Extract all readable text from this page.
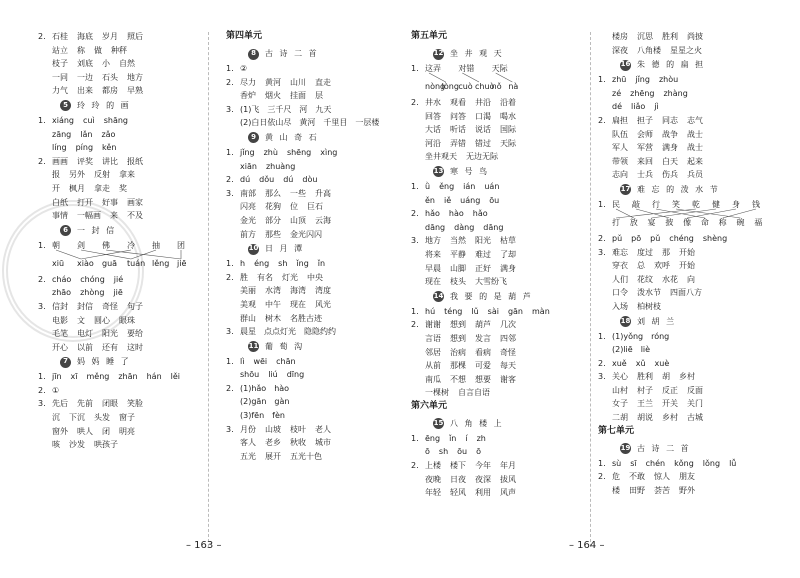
2. 石桂 海底 岁月 照后
站立 称 做 种秤
枝子 刘底 小 自然
一同 一边 石头 地方
力气 出来 都房 早熟
5	玲 玲 的 画
1. xiáng cuì shāng
zāng lǎn zǎo
líng píng kěn
2. 画画 评奖 讲比 报纸
报 另外 反射 拿来
开 枫月 拿走 奖
白纸 打开 好事 画家
事情 一幅画 来 不及
6	一 封 信
1. 朝 剑 佛 冷 抽 团
xiū xiào guā tuán lěng jiē
2. cháo chóng jié
zhāo zhòng jiē
3. 信封 封信 奇怪 句子
电影 文 圆心 眼珠
毛笔 电灯 阳光 要给
开心 以前 还有 这时
7	妈 妈 睡 了
1. jīn xī měng zhān hán lěi
2. ①
3. 先后 先前 闭眼 笑脸
沉 下沉 头发 窗子
窗外 哄人 闭 明亮
咳 沙发 哄孩子
第四单元
8	古 诗 二 首
1. ②
2. 尽力 黄河 山川 直走
香炉 烟火 挂面 层
3. (1)飞　三千尺　河　九天
(2)白日依山尽　黄河　千里目　一层楼
9	黄 山 奇 石
1. jǐng zhù shēng xìng
xiān zhuàng
2. dú dǒu dú dòu
3. 南部 那么 一些 升高
闪亮 花狗 位 巨石
金光 部分 山顶 云海
前方 那些 金光闪闪
10 日 月 潭
1. h éng sh ǐng ǐn
2. 胜 有名 灯光 中央
美丽 水湾 海湾 湾度
美观 中午 现在 风光
群山 树木 名胜古迹
3. 晨星　点点灯光　隐隐约约
11 葡 萄 沟
1. lì wēi chān
shōu liú dīng
2. (1)hǎo　hào
(2)gān　gàn
(3)fēn　fèn
3. 月份 山坡 枝叶 老人
客人 老乡 秋收 城市
五光 展开 五光十色
第五单元
12 坐 井 观 天
1. 这弄 对错 天际
nòng
lòng cuò chuò
nǒ nà
2. 井水 观看 井沿 沿着
回答 问答 口渴 喝水
大话 听话 说话 国际
河沿 弄错 错过 天际
坐井观天 无边无际
13 寒 号 鸟
1. ǜ ěng ián uán
ěn iě uáng ōu
2. hǎo hào hǎo
dāng dàng dāng
3. 地方 当然 阳光 枯草
将来 平静 难过 了却
早晨 山脚 正好 满身
现在 枝头 大雪纷飞
14 我 要 的 是 葫 芦
1. hú téng lǔ sài gān màn
2. 谢谢 想到 葫芦 几次
言语 想到 发言 四邻
邻居 治病 看病 奇怪
从前 那棵 可爱 每天
南瓜 不想 想要 谢客
一棵树 自言自语
第六单元
15 八 角 楼 上
1. ēng ǐn í zh
ō sh ōu ō
2. 上楼 楼下 今年 年月
夜晚 日夜 夜深 拔风
年轻 轻风 利用 风声
楼房 沉思 胜利 尚披
深夜 八角楼 星星之火
16 朱 德 的 扁 担
1. zhū jǐng zhòu
zé zhēng zhàng
dé liǎo jì
2. 扁担 担子 同志 志气
队伍 会师 战争 战士
军人 军营 满身 战士
带领 来回 白天 起来
志向 士兵 伤兵 兵员
17 难 忘 的 泼 水 节
1. 民 敲 行 笑 乾 健 身 钱
打 放 宴 披 像 命 称 碗 福
2. pǔ pō pǔ chéng shèng
3. 难忘 度过 那 开始
穿衣 总 欢呼 开始
人们 花纹 水花 向
口令 泼水节 四面八方
入场 柏树枝
18 刘 胡 兰
1. (1)yǒng　róng
(2)liē　liè
2. xuě xǔ xuè
3. 关心 胜利 胡 乡村
山村 村子 反正 反面
女子 王兰 开关 关门
二胡 胡说 乡村 古城
第七单元
19 古 诗 二 首
1. sù sī chén kǒng lǒng lǚ
2. 危 不敢 惊人 朋友
楼 田野 荟苦 野外
– 163 –	– 164 –
